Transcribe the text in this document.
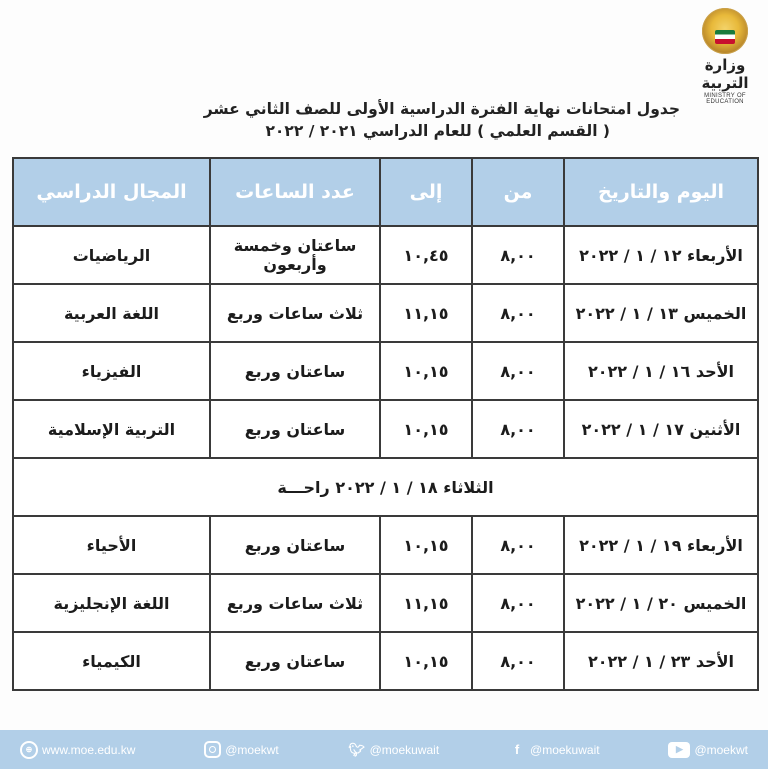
وزارة التربية
MINISTRY OF EDUCATION
جدول امتحانات نهاية الفترة الدراسية الأولى للصف الثاني عشر
( القسم العلمي ) للعام الدراسي ٢٠٢١ / ٢٠٢٢
اليوم والتاريخ	من	إلى	عدد الساعات	المجال الدراسي
الأربعاء ١٢ / ١ / ٢٠٢٢	٨,٠٠	١٠,٤٥	ساعتان وخمسة وأربعون	الرياضيات
الخميس ١٣ / ١ / ٢٠٢٢	٨,٠٠	١١,١٥	ثلاث ساعات وربع	اللغة العربية
الأحد ١٦ / ١ / ٢٠٢٢	٨,٠٠	١٠,١٥	ساعتان وربع	الفيزياء
الأثنين ١٧ / ١ / ٢٠٢٢	٨,٠٠	١٠,١٥	ساعتان وربع	التربية الإسلامية
الثلاثاء ١٨ / ١ / ٢٠٢٢ راحـــة				
الأربعاء ١٩ / ١ / ٢٠٢٢	٨,٠٠	١٠,١٥	ساعتان وربع	الأحياء
الخميس ٢٠ / ١ / ٢٠٢٢	٨,٠٠	١١,١٥	ثلاث ساعات وربع	اللغة الإنجليزية
الأحد ٢٣ / ١ / ٢٠٢٢	٨,٠٠	١٠,١٥	ساعتان وربع	الكيمياء
⊕ www.moe.edu.kw	@moekwt	🐦︎ @moekuwait	f @moekuwait	▶ @moekwt
